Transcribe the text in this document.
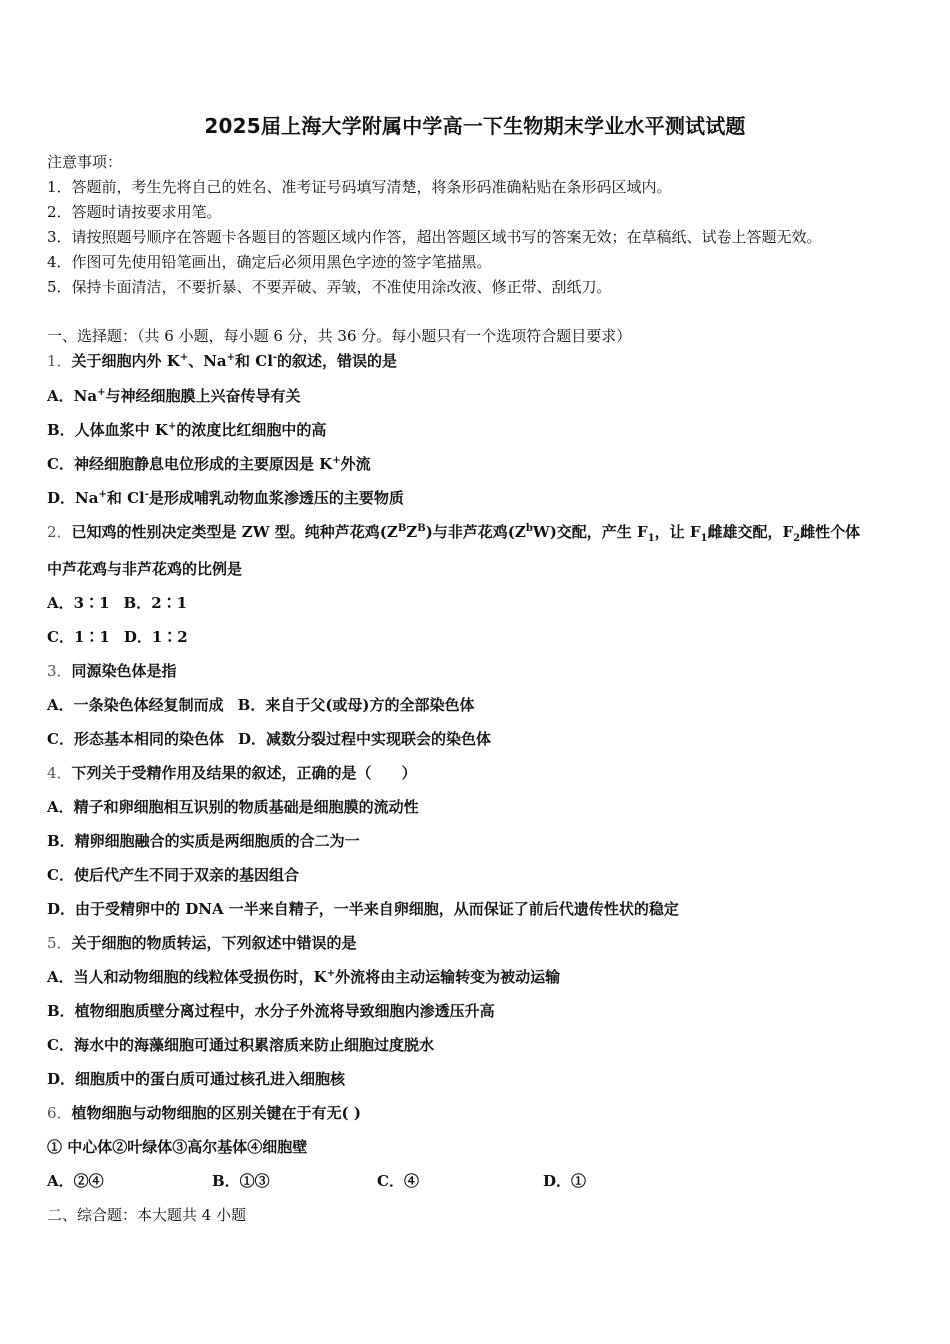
2025届上海大学附属中学高一下生物期末学业水平测试试题
注意事项：
1．答题前，考生先将自己的姓名、准考证号码填写清楚，将条形码准确粘贴在条形码区域内。
2．答题时请按要求用笔。
3．请按照题号顺序在答题卡各题目的答题区域内作答，超出答题区域书写的答案无效；在草稿纸、试卷上答题无效。
4．作图可先使用铅笔画出，确定后必须用黑色字迹的签字笔描黑。
5．保持卡面清洁，不要折暴、不要弄破、弄皱，不准使用涂改液、修正带、刮纸刀。
一、选择题：（共 6 小题，每小题 6 分，共 36 分。每小题只有一个选项符合题目要求）
1．关于细胞内外 K+、Na+和 Cl-的叙述，错误的是
A．Na+与神经细胞膜上兴奋传导有关
B．人体血浆中 K+的浓度比红细胞中的高
C．神经细胞静息电位形成的主要原因是 K+外流
D．Na+和 Cl-是形成哺乳动物血浆渗透压的主要物质
2．已知鸡的性别决定类型是 ZW 型。纯种芦花鸡$(Z^BZ^B)$与非芦花鸡$(Z^bW)$交配，产生 $F_1$，让 $F_1$雌雄交配，$F_2$雌性个体
中芦花鸡与非芦花鸡的比例是
A．3∶1 B．2∶1
C．1∶1 D．1∶2
3．同源染色体是指
A．一条染色体经复制而成 B．来自于父(或母)方的全部染色体
C．形态基本相同的染色体 D．减数分裂过程中实现联会的染色体
4．下列关于受精作用及结果的叙述，正确的是（　　）
A．精子和卵细胞相互识别的物质基础是细胞膜的流动性
B．精卵细胞融合的实质是两细胞质的合二为一
C．使后代产生不同于双亲的基因组合
D．由于受精卵中的 DNA 一半来自精子，一半来自卵细胞，从而保证了前后代遗传性状的稳定
5．关于细胞的物质转运，下列叙述中错误的是
A．当人和动物细胞的线粒体受损伤时，K+外流将由主动运输转变为被动运输
B．植物细胞质壁分离过程中，水分子外流将导致细胞内渗透压升高
C．海水中的海藻细胞可通过积累溶质来防止细胞过度脱水
D．细胞质中的蛋白质可通过核孔进入细胞核
6．植物细胞与动物细胞的区别关键在于有无( )
① 中心体②叶绿体③高尔基体④细胞壁
A．②④	B．①③	C．④	D．①
二、综合题：本大题共 4 小题
